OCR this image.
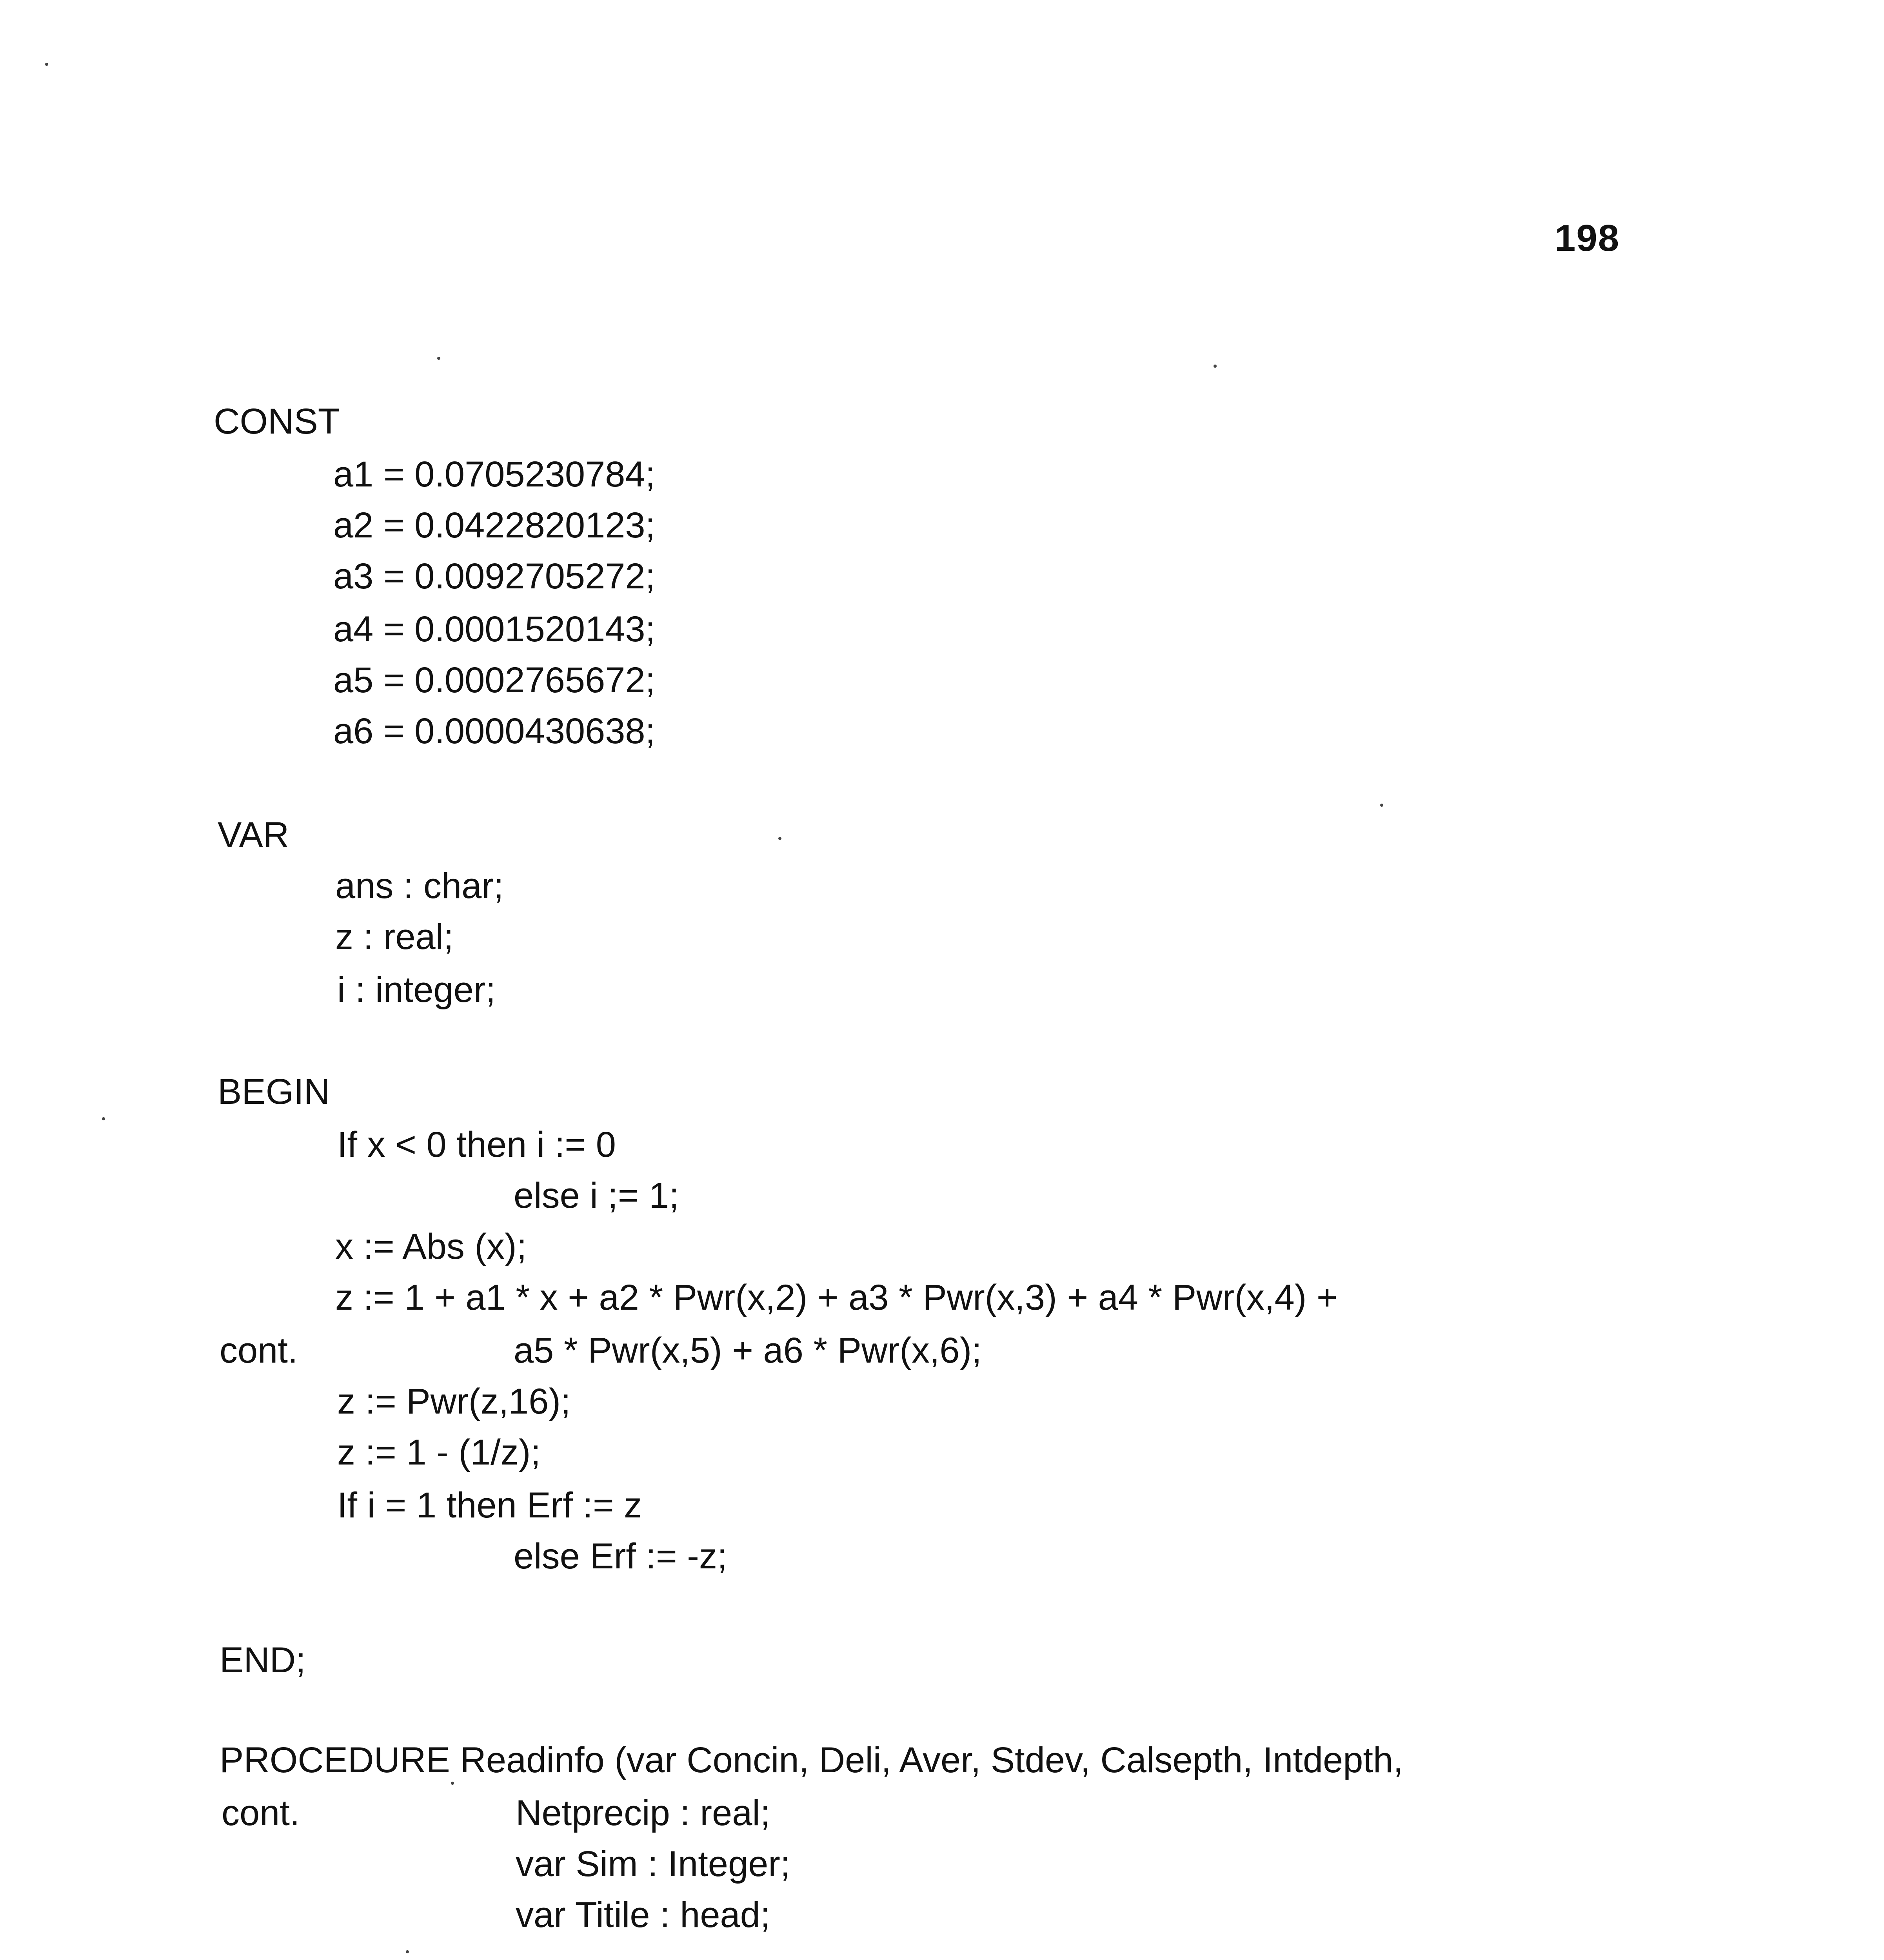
198
CONST
a1 = 0.0705230784;
a2 = 0.0422820123;
a3 = 0.0092705272;
a4 = 0.0001520143;
a5 = 0.0002765672;
a6 = 0.0000430638;
VAR
ans : char;
z : real;
i : integer;
BEGIN
If x < 0 then i := 0
else i ;= 1;
x := Abs (x);
z := 1 + a1 * x + a2 * Pwr(x,2) + a3 * Pwr(x,3) + a4 * Pwr(x,4) +
cont.	a5 * Pwr(x,5) + a6 * Pwr(x,6);
z := Pwr(z,16);
z := 1 - (1/z);
If i = 1 then Erf := z
else Erf := -z;
END;
PROCEDURE Readinfo (var Concin, Deli, Aver, Stdev, Calsepth, Intdepth,
cont.	Netprecip : real;
var Sim : Integer;
var Titile : head;
